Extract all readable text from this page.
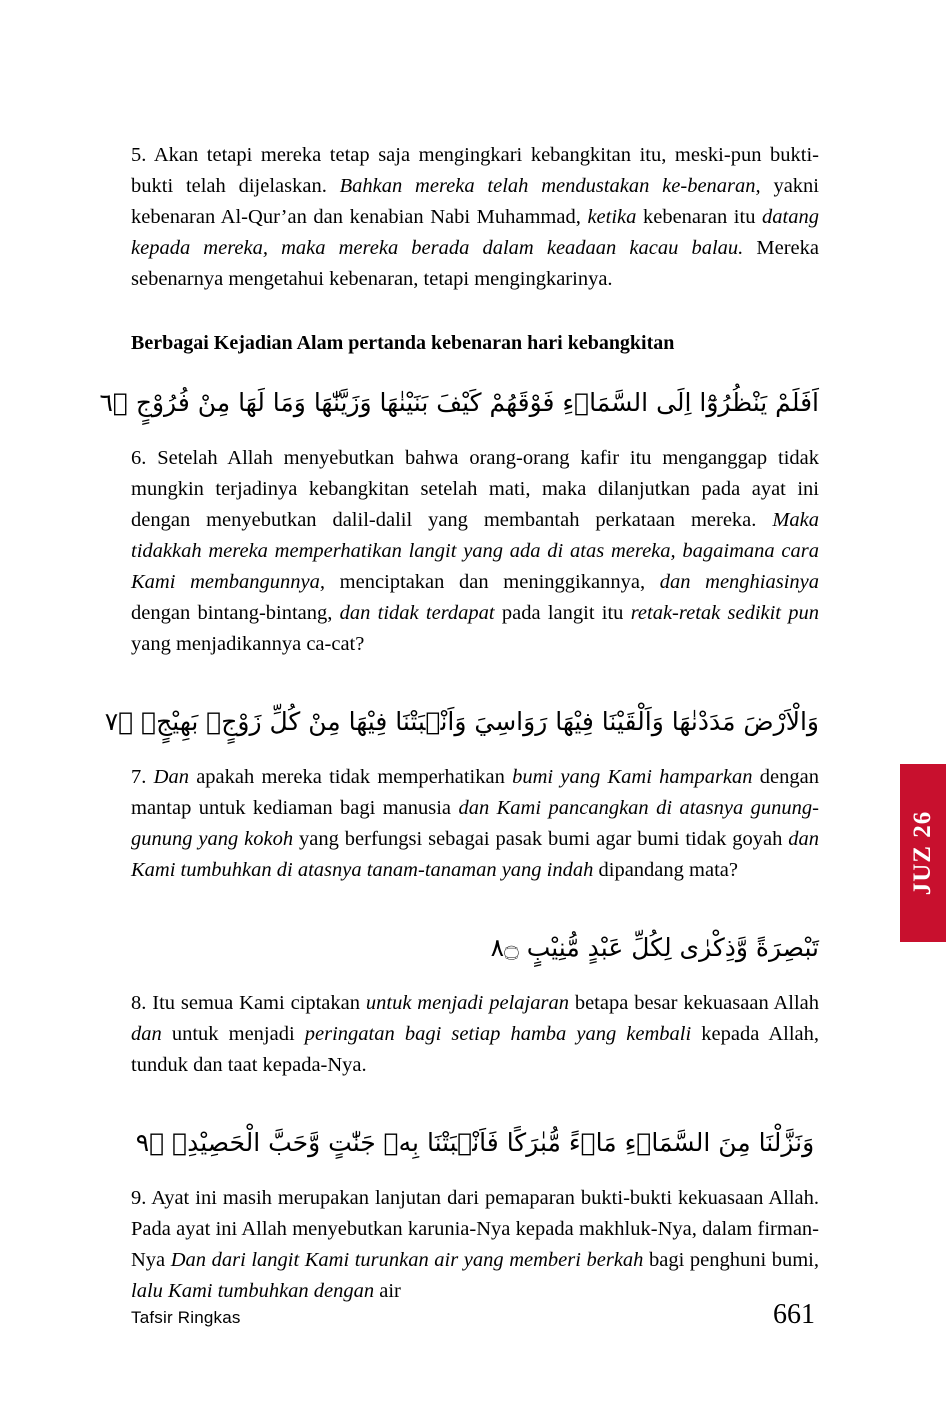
5. Akan tetapi mereka tetap saja mengingkari kebangkitan itu, meski-pun bukti-bukti telah dijelaskan. Bahkan mereka telah mendustakan ke-benaran, yakni kebenaran Al-Qur’an dan kenabian Nabi Muhammad, ketika kebenaran itu datang kepada mereka, maka mereka berada dalam keadaan kacau balau. Mereka sebenarnya mengetahui kebenaran, tetapi mengingkarinya.

Berbagai Kejadian Alam pertanda kebenaran hari kebangkitan
اَفَلَمْ يَنْظُرُوْٓا اِلَى السَّمَاۤءِ فَوْقَهُمْ كَيْفَ بَنَيْنٰهَا وَزَيَّنّٰهَا وَمَا لَهَا مِنْ فُرُوْجٍ ۝٦

6. Setelah Allah menyebutkan bahwa orang-orang kafir itu menganggap tidak mungkin terjadinya kebangkitan setelah mati, maka dilanjutkan pada ayat ini dengan menyebutkan dalil-dalil yang membantah perkataan mereka. Maka tidakkah mereka memperhatikan langit yang ada di atas mereka, bagaimana cara Kami membangunnya, menciptakan dan meninggikannya, dan menghiasinya dengan bintang-bintang, dan tidak terdapat pada langit itu retak-retak sedikit pun yang menjadikannya ca-cat?

وَالْاَرْضَ مَدَدْنٰهَا وَاَلْقَيْنَا فِيْهَا رَوَاسِيَ وَاَنْۢبَتْنَا فِيْهَا مِنْ كُلِّ زَوْجٍۢ بَهِيْجٍۙ ۝٧

7. Dan apakah mereka tidak memperhatikan bumi yang Kami hamparkan dengan mantap untuk kediaman bagi manusia dan Kami pancangkan di atasnya gunung-gunung yang kokoh yang berfungsi sebagai pasak bumi agar bumi tidak goyah dan Kami tumbuhkan di atasnya tanam-tanaman yang indah dipandang mata?

تَبْصِرَةً وَّذِكْرٰى لِكُلِّ عَبْدٍ مُّنِيْبٍ ۝٨

8. Itu semua Kami ciptakan untuk menjadi pelajaran betapa besar kekuasaan Allah dan untuk menjadi peringatan bagi setiap hamba yang kembali kepada Allah, tunduk dan taat kepada-Nya.

وَنَزَّلْنَا مِنَ السَّمَاۤءِ مَاۤءً مُّبٰرَكًا فَاَنْۢبَتْنَا بِهٖ جَنّٰتٍ وَّحَبَّ الْحَصِيْدِۙ ۝٩

9. Ayat ini masih merupakan lanjutan dari pemaparan bukti-bukti kekuasaan Allah. Pada ayat ini Allah menyebutkan karunia-Nya kepada makhluk-Nya, dalam firman-Nya Dan dari langit Kami turunkan air yang memberi berkah bagi penghuni bumi, lalu Kami tumbuhkan dengan air

JUZ 26
Tafsir Ringkas	661
